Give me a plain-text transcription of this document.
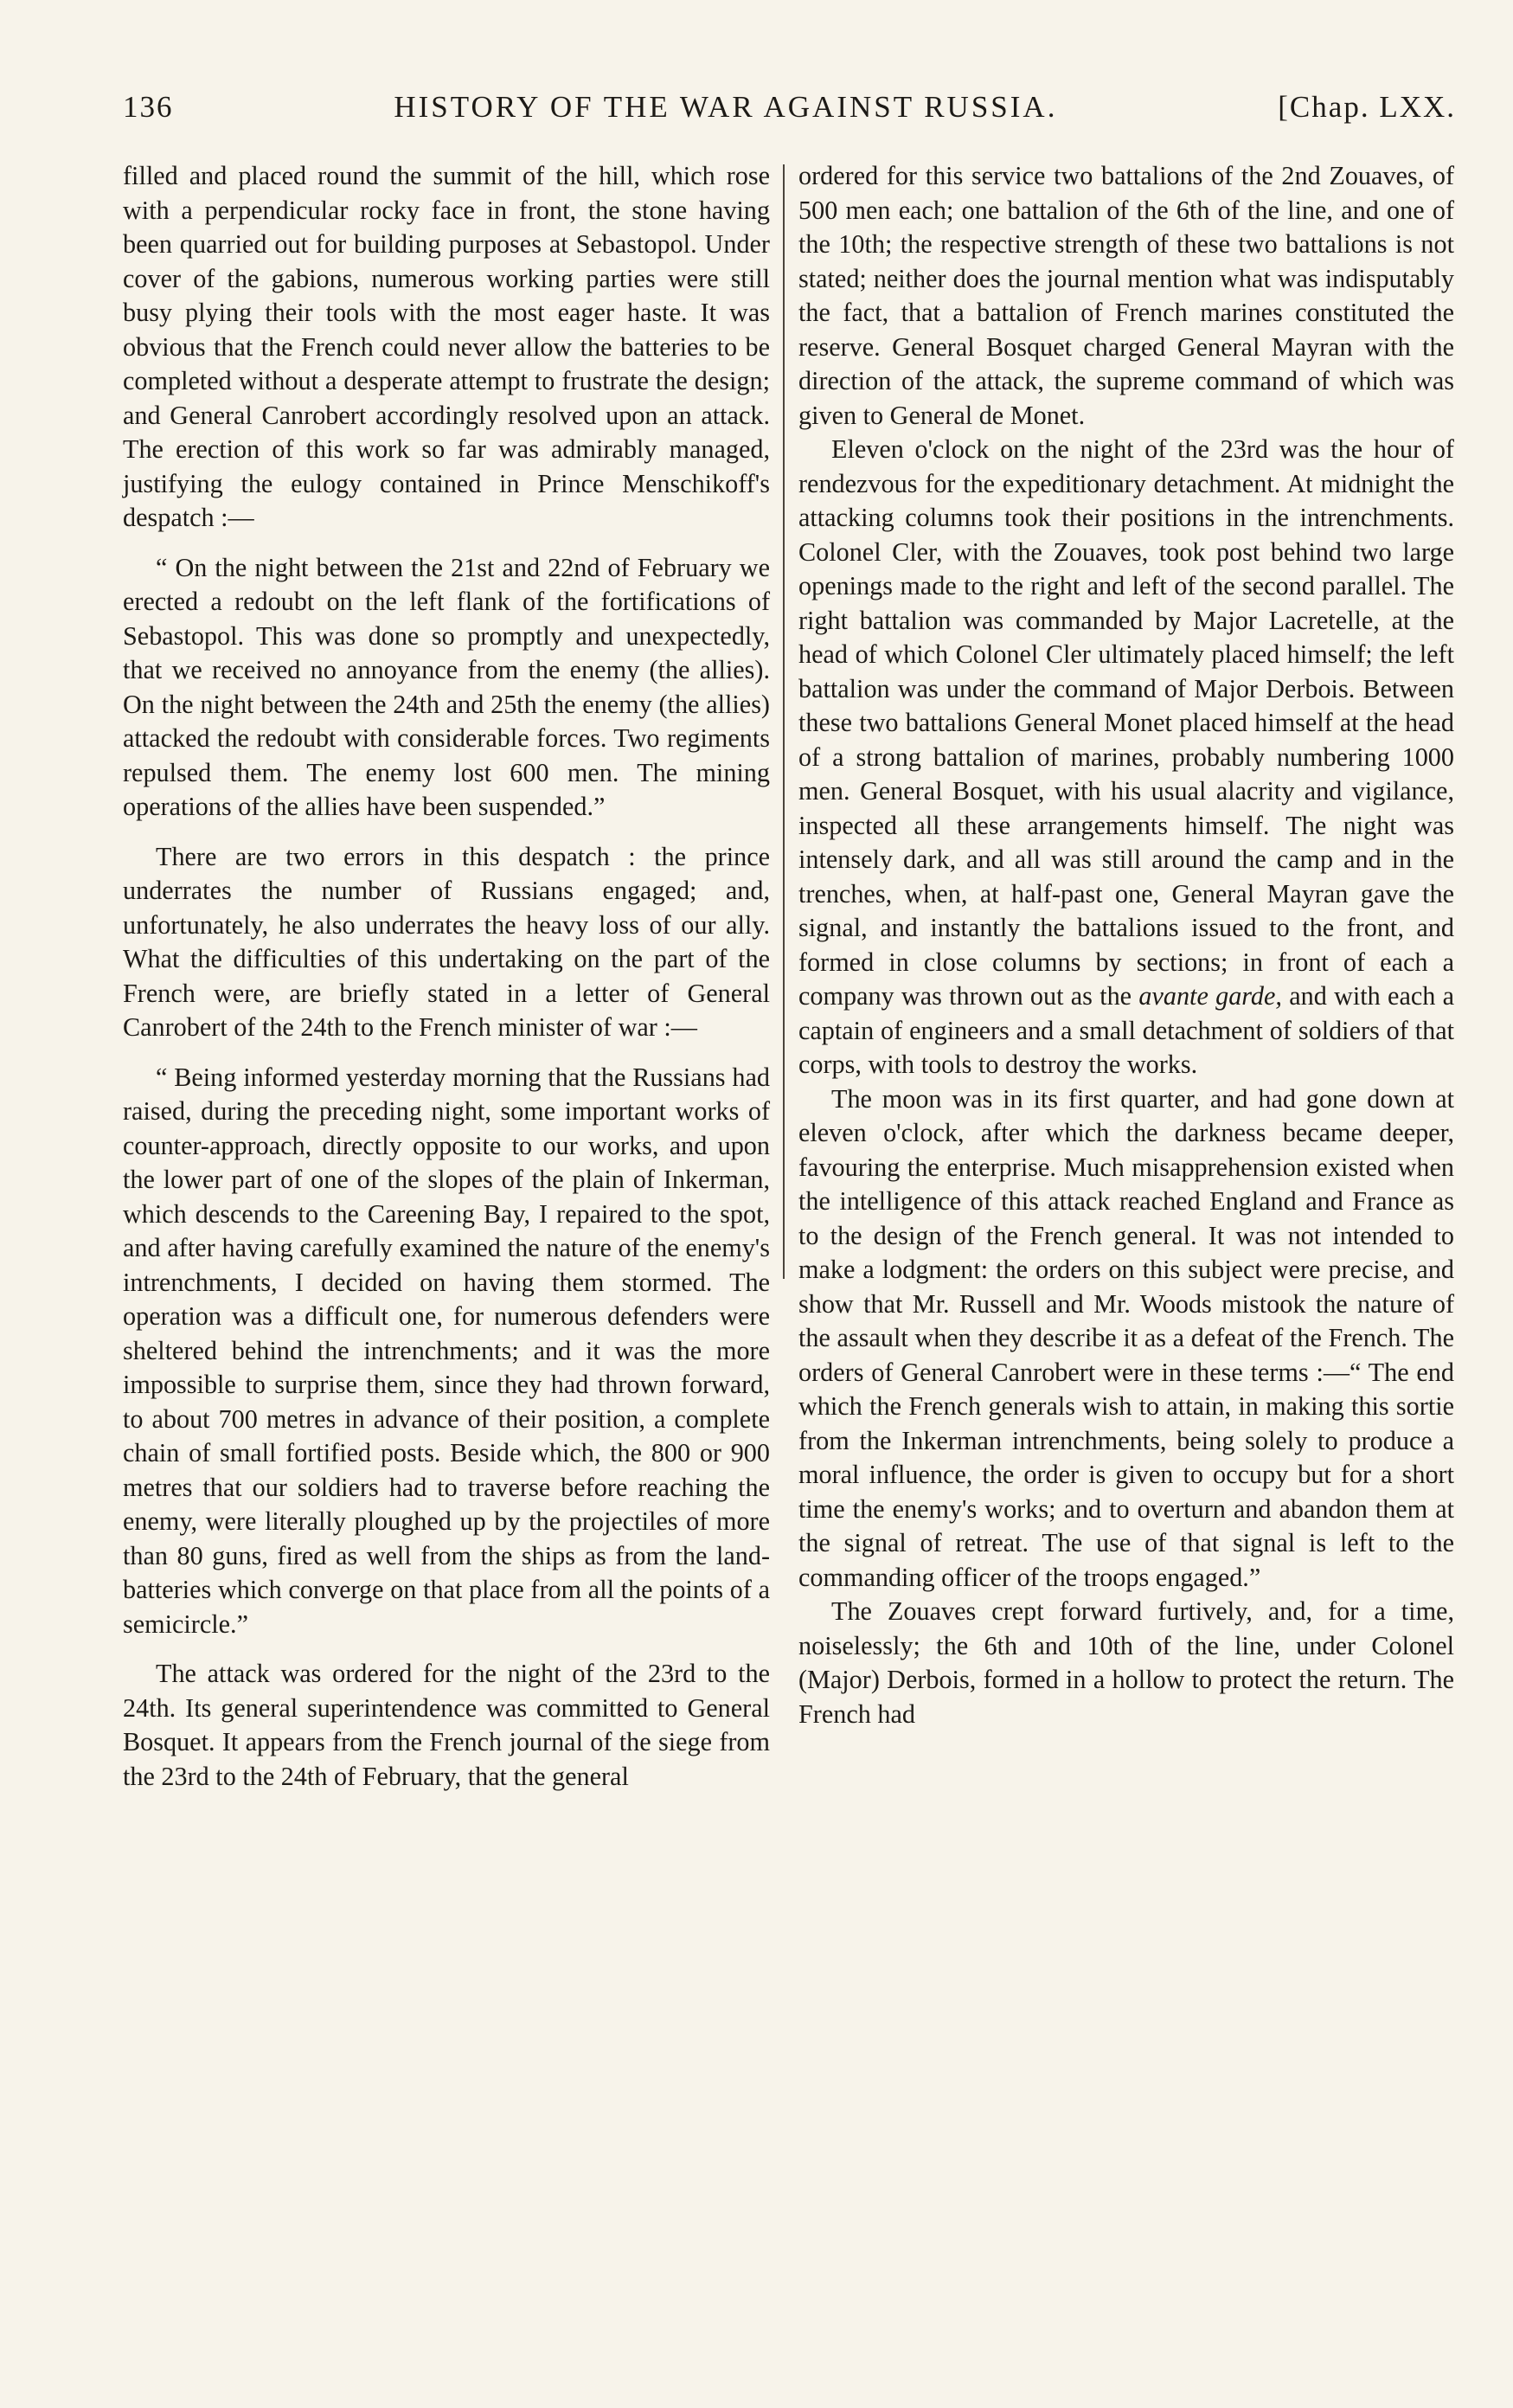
136	HISTORY OF THE WAR AGAINST RUSSIA.	[Chap. LXX.

filled and placed round the summit of the hill, which rose with a perpendicular rocky face in front, the stone having been quarried out for building purposes at Sebastopol. Under cover of the gabions, numerous working parties were still busy plying their tools with the most eager haste. It was obvious that the French could never allow the batteries to be completed without a desperate attempt to frustrate the design; and General Canrobert accordingly resolved upon an attack. The erection of this work so far was admirably managed, justifying the eulogy contained in Prince Menschikoff's despatch :—

“ On the night between the 21st and 22nd of February we erected a redoubt on the left flank of the fortifications of Sebastopol. This was done so promptly and unexpectedly, that we received no annoyance from the enemy (the allies). On the night between the 24th and 25th the enemy (the allies) attacked the redoubt with considerable forces. Two regiments repulsed them. The enemy lost 600 men. The mining operations of the allies have been suspended.”

There are two errors in this despatch : the prince underrates the number of Russians engaged; and, unfortunately, he also underrates the heavy loss of our ally. What the difficulties of this undertaking on the part of the French were, are briefly stated in a letter of General Canrobert of the 24th to the French minister of war :—

“ Being informed yesterday morning that the Russians had raised, during the preceding night, some important works of counter-approach, directly opposite to our works, and upon the lower part of one of the slopes of the plain of Inkerman, which descends to the Careening Bay, I repaired to the spot, and after having carefully examined the nature of the enemy's intrenchments, I decided on having them stormed. The operation was a difficult one, for numerous defenders were sheltered behind the intrenchments; and it was the more impossible to surprise them, since they had thrown forward, to about 700 metres in advance of their position, a complete chain of small fortified posts. Beside which, the 800 or 900 metres that our soldiers had to traverse before reaching the enemy, were literally ploughed up by the projectiles of more than 80 guns, fired as well from the ships as from the land-batteries which converge on that place from all the points of a semicircle.”

The attack was ordered for the night of the 23rd to the 24th. Its general superintendence was committed to General Bosquet. It appears from the French journal of the siege from the 23rd to the 24th of February, that the general

ordered for this service two battalions of the 2nd Zouaves, of 500 men each; one battalion of the 6th of the line, and one of the 10th; the respective strength of these two battalions is not stated; neither does the journal mention what was indisputably the fact, that a battalion of French marines constituted the reserve. General Bosquet charged General Mayran with the direction of the attack, the supreme command of which was given to General de Monet.

Eleven o'clock on the night of the 23rd was the hour of rendezvous for the expeditionary detachment. At midnight the attacking columns took their positions in the intrenchments. Colonel Cler, with the Zouaves, took post behind two large openings made to the right and left of the second parallel. The right battalion was commanded by Major Lacretelle, at the head of which Colonel Cler ultimately placed himself; the left battalion was under the command of Major Derbois. Between these two battalions General Monet placed himself at the head of a strong battalion of marines, probably numbering 1000 men. General Bosquet, with his usual alacrity and vigilance, inspected all these arrangements himself. The night was intensely dark, and all was still around the camp and in the trenches, when, at half-past one, General Mayran gave the signal, and instantly the battalions issued to the front, and formed in close columns by sections; in front of each a company was thrown out as the avante garde, and with each a captain of engineers and a small detachment of soldiers of that corps, with tools to destroy the works.

The moon was in its first quarter, and had gone down at eleven o'clock, after which the darkness became deeper, favouring the enterprise. Much misapprehension existed when the intelligence of this attack reached England and France as to the design of the French general. It was not intended to make a lodgment: the orders on this subject were precise, and show that Mr. Russell and Mr. Woods mistook the nature of the assault when they describe it as a defeat of the French. The orders of General Canrobert were in these terms :—“ The end which the French generals wish to attain, in making this sortie from the Inkerman intrenchments, being solely to produce a moral influence, the order is given to occupy but for a short time the enemy's works; and to overturn and abandon them at the signal of retreat. The use of that signal is left to the commanding officer of the troops engaged.”

The Zouaves crept forward furtively, and, for a time, noiselessly; the 6th and 10th of the line, under Colonel (Major) Derbois, formed in a hollow to protect the return. The French had
